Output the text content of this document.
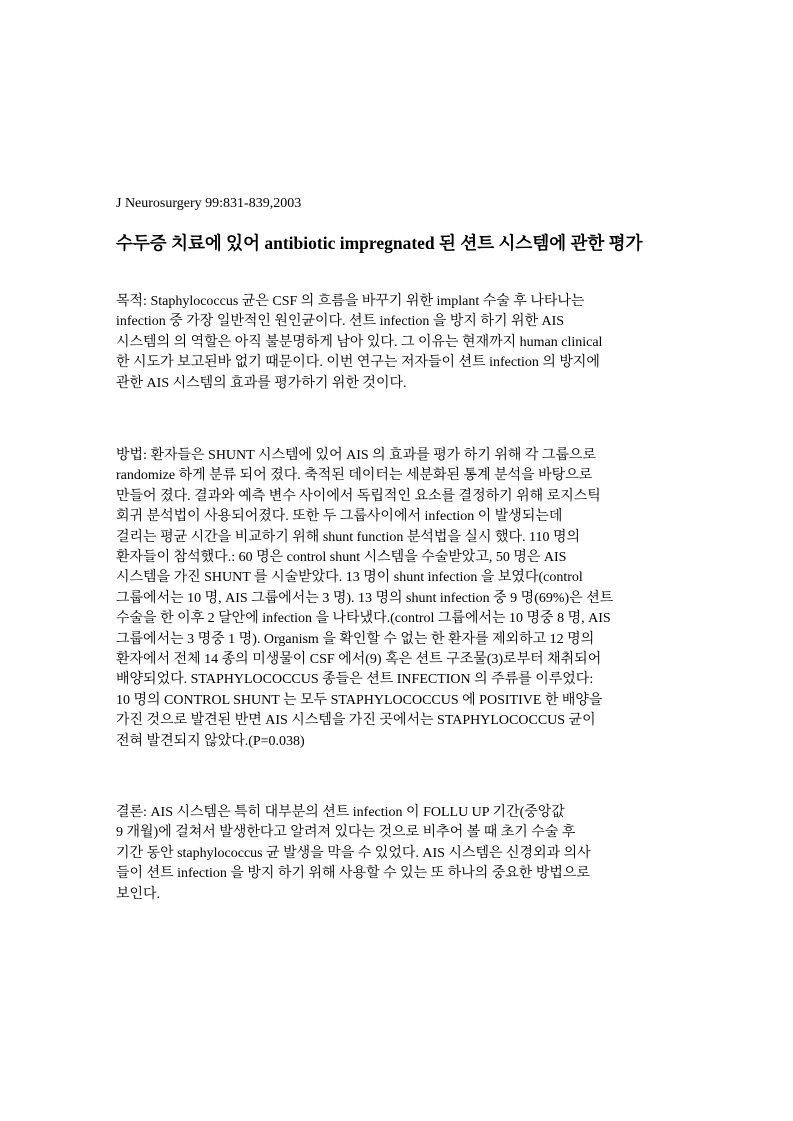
J Neurosurgery 99:831-839,2003
수두증 치료에 있어 antibiotic impregnated 된 션트 시스템에 관한 평가
목적: Staphylococcus 균은 CSF 의 흐름을 바꾸기 위한 implant 수술 후 나타나는
infection 중 가장 일반적인 원인균이다. 션트 infection 을 방지 하기 위한 AIS
시스템의 의 역할은 아직 불분명하게 남아 있다. 그 이유는 현재까지 human clinical
한 시도가 보고된바 없기 때문이다. 이번 연구는 저자들이 션트 infection 의 방지에
관한 AIS 시스템의 효과를 평가하기 위한 것이다.
방법: 환자들은 SHUNT 시스템에 있어 AIS 의 효과를 평가 하기 위해 각 그룹으로
randomize 하게 분류 되어 졌다. 축적된 데이터는 세분화된 통계 분석을 바탕으로
만들어 졌다. 결과와 예측 변수 사이에서 독립적인 요소를 결정하기 위해 로지스틱
회귀 분석법이 사용되어졌다. 또한 두 그룹사이에서 infection 이 발생되는데
걸리는 평균 시간을 비교하기 위해 shunt function 분석법을 실시 했다. 110 명의
환자들이 참석했다.: 60 명은 control shunt 시스템을 수술받았고, 50 명은 AIS
시스템을 가진 SHUNT 를 시술받았다. 13 명이 shunt infection 을 보였다(control
그룹에서는 10 명, AIS 그룹에서는 3 명). 13 명의 shunt infection 중 9 명(69%)은 션트
수술을 한 이후 2 달안에 infection 을 나타냈다.(control 그룹에서는 10 명중 8 명, AIS
그룹에서는 3 명중 1 명). Organism 을 확인할 수 없는 한 환자를 제외하고 12 명의
환자에서 전체 14 종의 미생물이 CSF 에서(9) 혹은 션트 구조물(3)로부터 채취되어
배양되었다. STAPHYLOCOCCUS 종들은 션트 INFECTION 의 주류를 이루었다:
10 명의 CONTROL SHUNT 는 모두 STAPHYLOCOCCUS 에 POSITIVE 한 배양을
가진 것으로 발견된 반면 AIS 시스템을 가진 곳에서는 STAPHYLOCOCCUS 균이
전혀 발견되지 않았다.(P=0.038)
결론: AIS 시스템은 특히 대부분의 션트 infection 이 FOLLU UP 기간(중앙값
9 개월)에 걸쳐서 발생한다고 알려져 있다는 것으로 비추어 볼 때 초기 수술 후
기간 동안 staphylococcus 균 발생을 막을 수 있었다. AIS 시스템은 신경외과 의사
들이 션트 infection 을 방지 하기 위해 사용할 수 있는 또 하나의 중요한 방법으로
보인다.
